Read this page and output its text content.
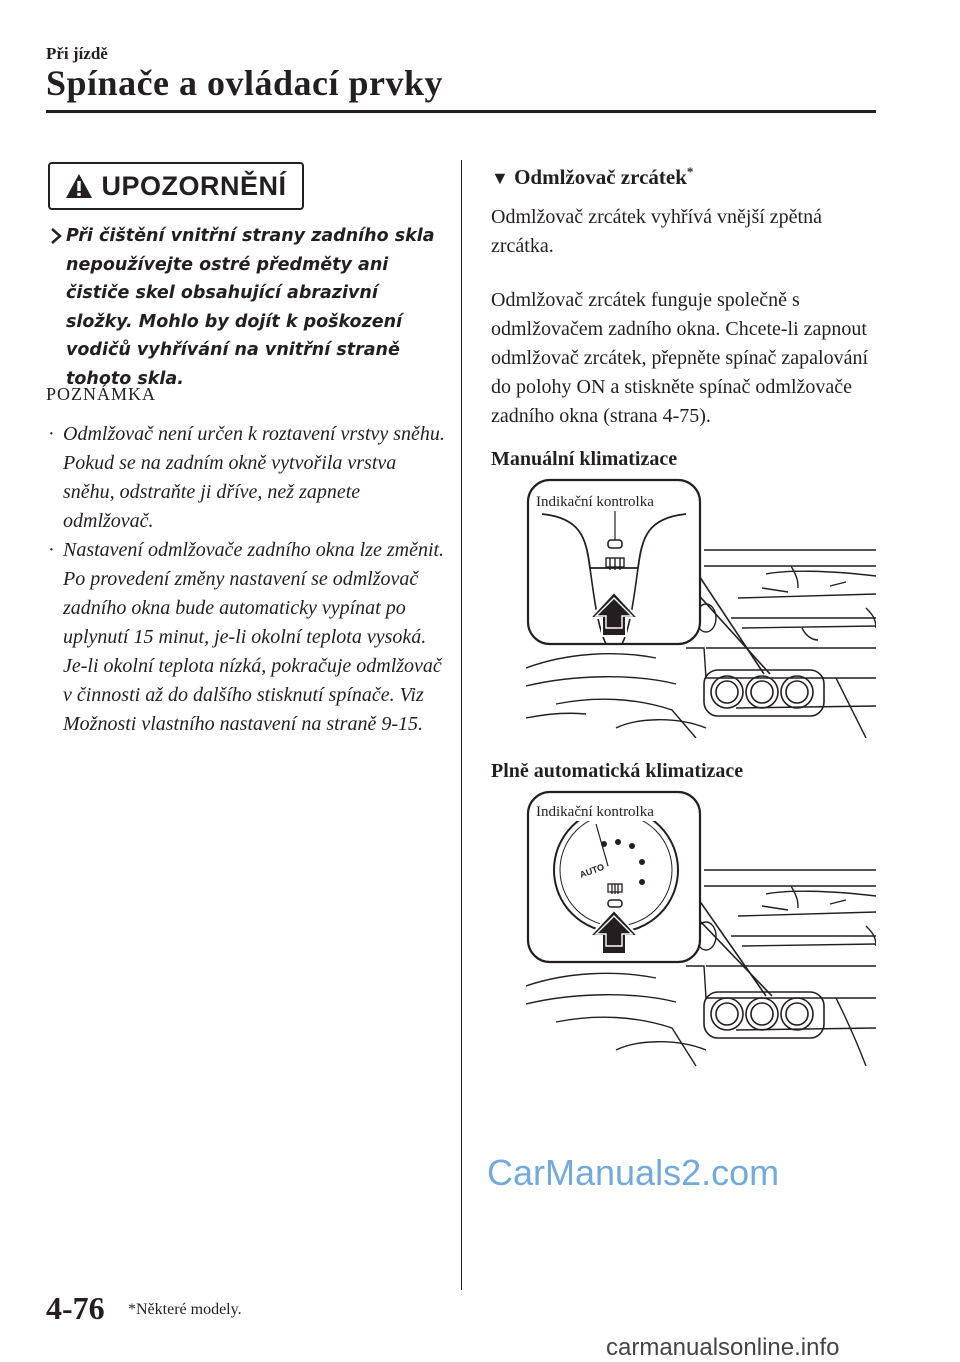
Při jízdě
Spínače a ovládací prvky
UPOZORNĚNÍ
Při čištění vnitřní strany zadního skla nepoužívejte ostré předměty ani čističe skel obsahující abrazivní složky. Mohlo by dojít k poškození vodičů vyhřívání na vnitřní straně tohoto skla.
POZNÁMKA
· Odmlžovač není určen k roztavení vrstvy sněhu. Pokud se na zadním okně vytvořila vrstva sněhu, odstraňte ji dříve, než zapnete odmlžovač.
· Nastavení odmlžovače zadního okna lze změnit. Po provedení změny nastavení se odmlžovač zadního okna bude automaticky vypínat po uplynutí 15 minut, je-li okolní teplota vysoká. Je-li okolní teplota nízká, pokračuje odmlžovač v činnosti až do dalšího stisknutí spínače. Viz Možnosti vlastního nastavení na straně 9-15.
▼ Odmlžovač zrcátek*
Odmlžovač zrcátek vyhřívá vnější zpětná zrcátka.
Odmlžovač zrcátek funguje společně s odmlžovačem zadního okna. Chcete-li zapnout odmlžovač zrcátek, přepněte spínač zapalování do polohy ON a stiskněte spínač odmlžovače zadního okna (strana 4-75).
Manuální klimatizace
Indikační kontrolka
Plně automatická klimatizace
AUTO
Indikační kontrolka
CarManuals2.com
4-76 *Některé modely.
carmanualsonline.info
